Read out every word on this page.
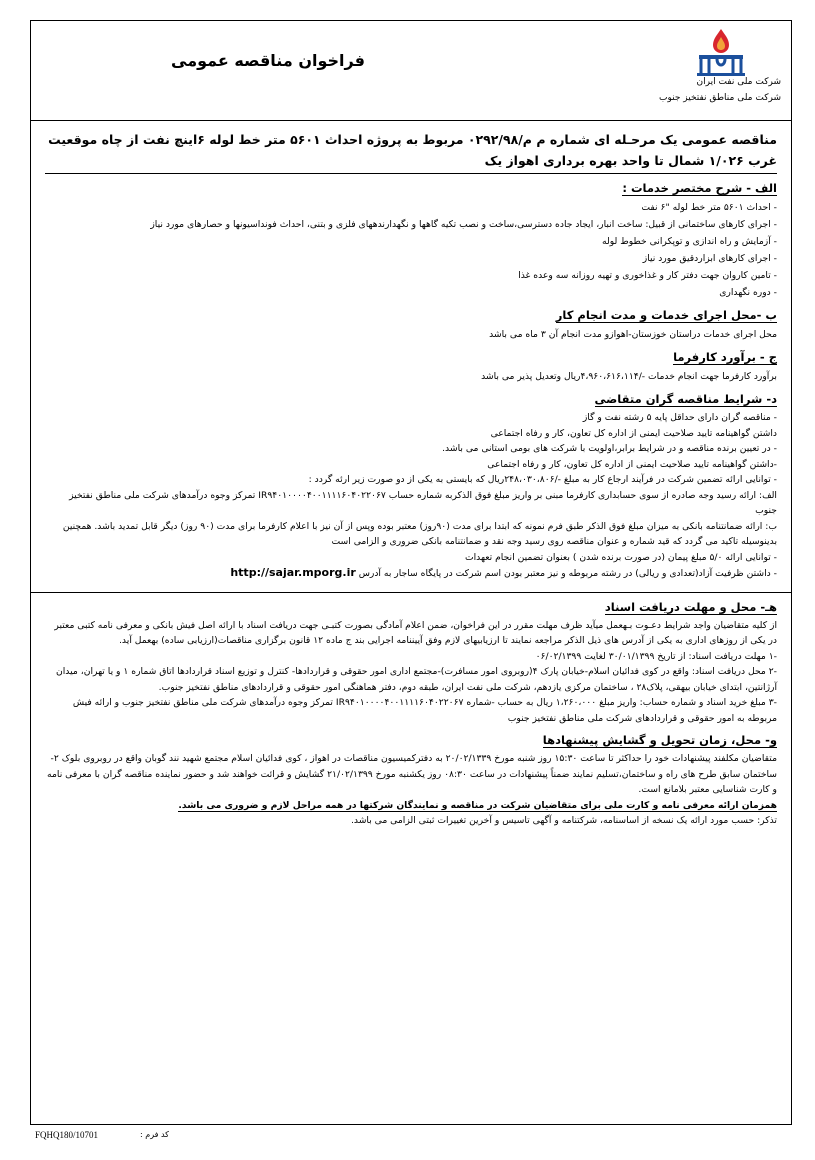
فراخوان مناقصه عمومی
شرکت ملی نفت ایران
شرکت ملی مناطق نفتخیز جنوب

مناقصه عمومی یک مرحـله ای شماره م م/۰۲۹۲/۹۸ مربوط به پروژه احداث ۵۶۰۱ متر خط لوله ۶اینچ نفت از چاه موقعیت غرب ۱/۰۲۶ شمال تا واحد بهره برداری اهواز یک

الف - شرح مختصر خدمات :

- احداث ۵۶۰۱ متر خط لوله "۶ نفت

- اجرای کارهای ساختمانی از قبیل: ساخت انبار، ایجاد جاده دسترسی،ساخت و نصب تکیه گاهها و نگهدارندههای فلزی و بتنی، احداث فونداسیونها و حصارهای مورد نیاز

- آزمایش و راه اندازی و توپکرانی خطوط لوله

- اجرای کارهای ابزاردقیق مورد نیاز

- تامین کاروان جهت دفتر کار و غذاخوری و تهیه روزانه سه وعده غذا

- دوره نگهداری

ب -محل اجرای خدمات و مدت انجام کار

محل اجرای خدمات دراستان خوزستان-اهوازو مدت انجام آن ۳ ماه می باشد

ج - برآورد کارفرما

برآورد کارفرما جهت انجام خدمات -/۴،۹۶۰،۶۱۶،۱۱۴ریال وتعدیل پذیر می باشد

د- شرایط مناقصه گران متقاضی

- مناقصه گران دارای حداقل پایه ۵ رشته نفت و گاز

داشتن گواهینامه تایید صلاحیت ایمنی از اداره کل تعاون، کار و رفاه اجتماعی

- در تعیین برنده مناقصه و در شرایط برابر،اولویت با شرکت های بومی استانی می باشد.

-داشتن گواهینامه تایید صلاحیت ایمنی از اداره کل تعاون، کار و رفاه اجتماعی

- توانایی ارائه تضمین شرکت در فرآیند ارجاع کار به مبلغ -/۲۴۸،۰۳۰،۸۰۶ریال که بایستی به یکی از دو صورت زیر ارئه گردد :

الف: ارائه رسید وجه صادره از سوی حسابداری کارفرما مبنی بر واریز مبلغ فوق الذکربه شماره حساب IR۹۴۰۱۰۰۰۰۴۰۰۱۱۱۱۶۰۴۰۲۲۰۶۷ تمرکز وجوه درآمدهای شرکت ملی مناطق نفتخیز جنوب

ب: ارائه ضمانتنامه بانکی به میزان مبلغ فوق الذکر طبق فرم نمونه که ابتدا برای مدت (۹۰روز) معتبر بوده وپس از آن نیز با اعلام کارفرما برای مدت (۹۰ روز) دیگر قابل تمدید باشد. همچنین بدینوسیله تاکید می گردد که قید شماره و عنوان مناقصه روی رسید وجه نقد و ضمانتنامه بانکی ضروری و الزامی است

- توانایی ارائه ۵/۰ مبلغ پیمان (در صورت برنده شدن ) بعنوان تضمین انجام تعهدات

- داشتن ظرفیت آزاد(تعدادی و ریالی) در رشته مربوطه و نیز معتبر بودن اسم شرکت در پایگاه ساجار به آدرس http://sajar.mporg.ir

هـ- محل و مهلت دریافت اسناد

از کلیه متقاضیان واجد شرایط دعـوت بـهعمل میآید ظرف مهلت مقرر در این فراخوان، ضمن اعلام آمادگی بصورت کتبـی جهت دریافت اسناد با ارائه اصل فیش بانکی و معرفی نامه کتبی معتبر در یکی از روزهای اداری به یکی از آدرس های ذیل الذکر مراجعه نمایند تا ارزیابیهای لازم وفق آییننامه اجرایی بند ج ماده ۱۲ قانون برگزاری مناقصات(ارزیابی ساده) بهعمل آید.

-۱ مهلت دریافت اسناد: از تاریخ ۳۰/۰۱/۱۳۹۹ لغایت ۰۶/۰۲/۱۳۹۹

-۲ محل دریافت اسناد: واقع در کوی فدائیان اسلام-خیابان پارک ۴(روبروی امور مسافرت)-مجتمع اداری امور حقوقی و قراردادها- کنترل و توزیع اسناد قراردادها اتاق شماره ۱ و یا تهران، میدان آرژانتین، ابتدای خیابان بیهقی، پلاک۲۸ ، ساختمان مرکزی یازدهم، شرکت ملی نفت ایران، طبقه دوم، دفتر هماهنگی امور حقوقی و قراردادهای مناطق نفتخیز جنوب.

-۳ مبلغ خرید اسناد و شماره حساب: واریز مبلغ ۱،۲۶۰،۰۰۰ ریال به حساب -شماره IR۹۴۰۱۰۰۰۰۴۰۰۱۱۱۱۶۰۴۰۲۲۰۶۷ تمرکز وجوه درآمدهای شرکت ملی مناطق نفتخیز جنوب و ارائه فیش مربوطه به امور حقوقی و قراردادهای شرکت ملی مناطق نفتخیز جنوب

و- محل، زمان تحویل و گشایش پیشنهادها

متقاضیان مکلفند پیشنهادات خود را حداکثر تا ساعت ۱۵:۳۰ روز شنبه مورخ ۲۰/۰۲/۱۳۳۹ به دفترکمیسیون مناقصات در اهواز ، کوی فدائیان اسلام مجتمع شهید نند گوبان واقع در روبروی بلوک ۲- ساختمان سابق طرح های راه و ساختمان،تسلیم نمایند ضمناً پیشنهادات در ساعت ۰۸:۳۰ روز یکشنبه مورخ ۲۱/۰۲/۱۳۹۹ گشایش و قرائت خواهند شد و حضور نماینده مناقصه گران با معرفی نامه و کارت شناسایی معتبر بلامانع است.

همزمان ارائه معرفی نامه و کارت ملی برای متقاضیان شرکت در مناقصه و نمایندگان شرکتها در همه مراحل لازم و ضروری می باشد.

تذکر: حسب مورد ارائه یک نسخه از اساسنامه، شرکتنامه و آگهی تاسیس و آخرین تغییرات ثبتی الزامی می باشد.

FQHQ180/10701	کد فرم :
